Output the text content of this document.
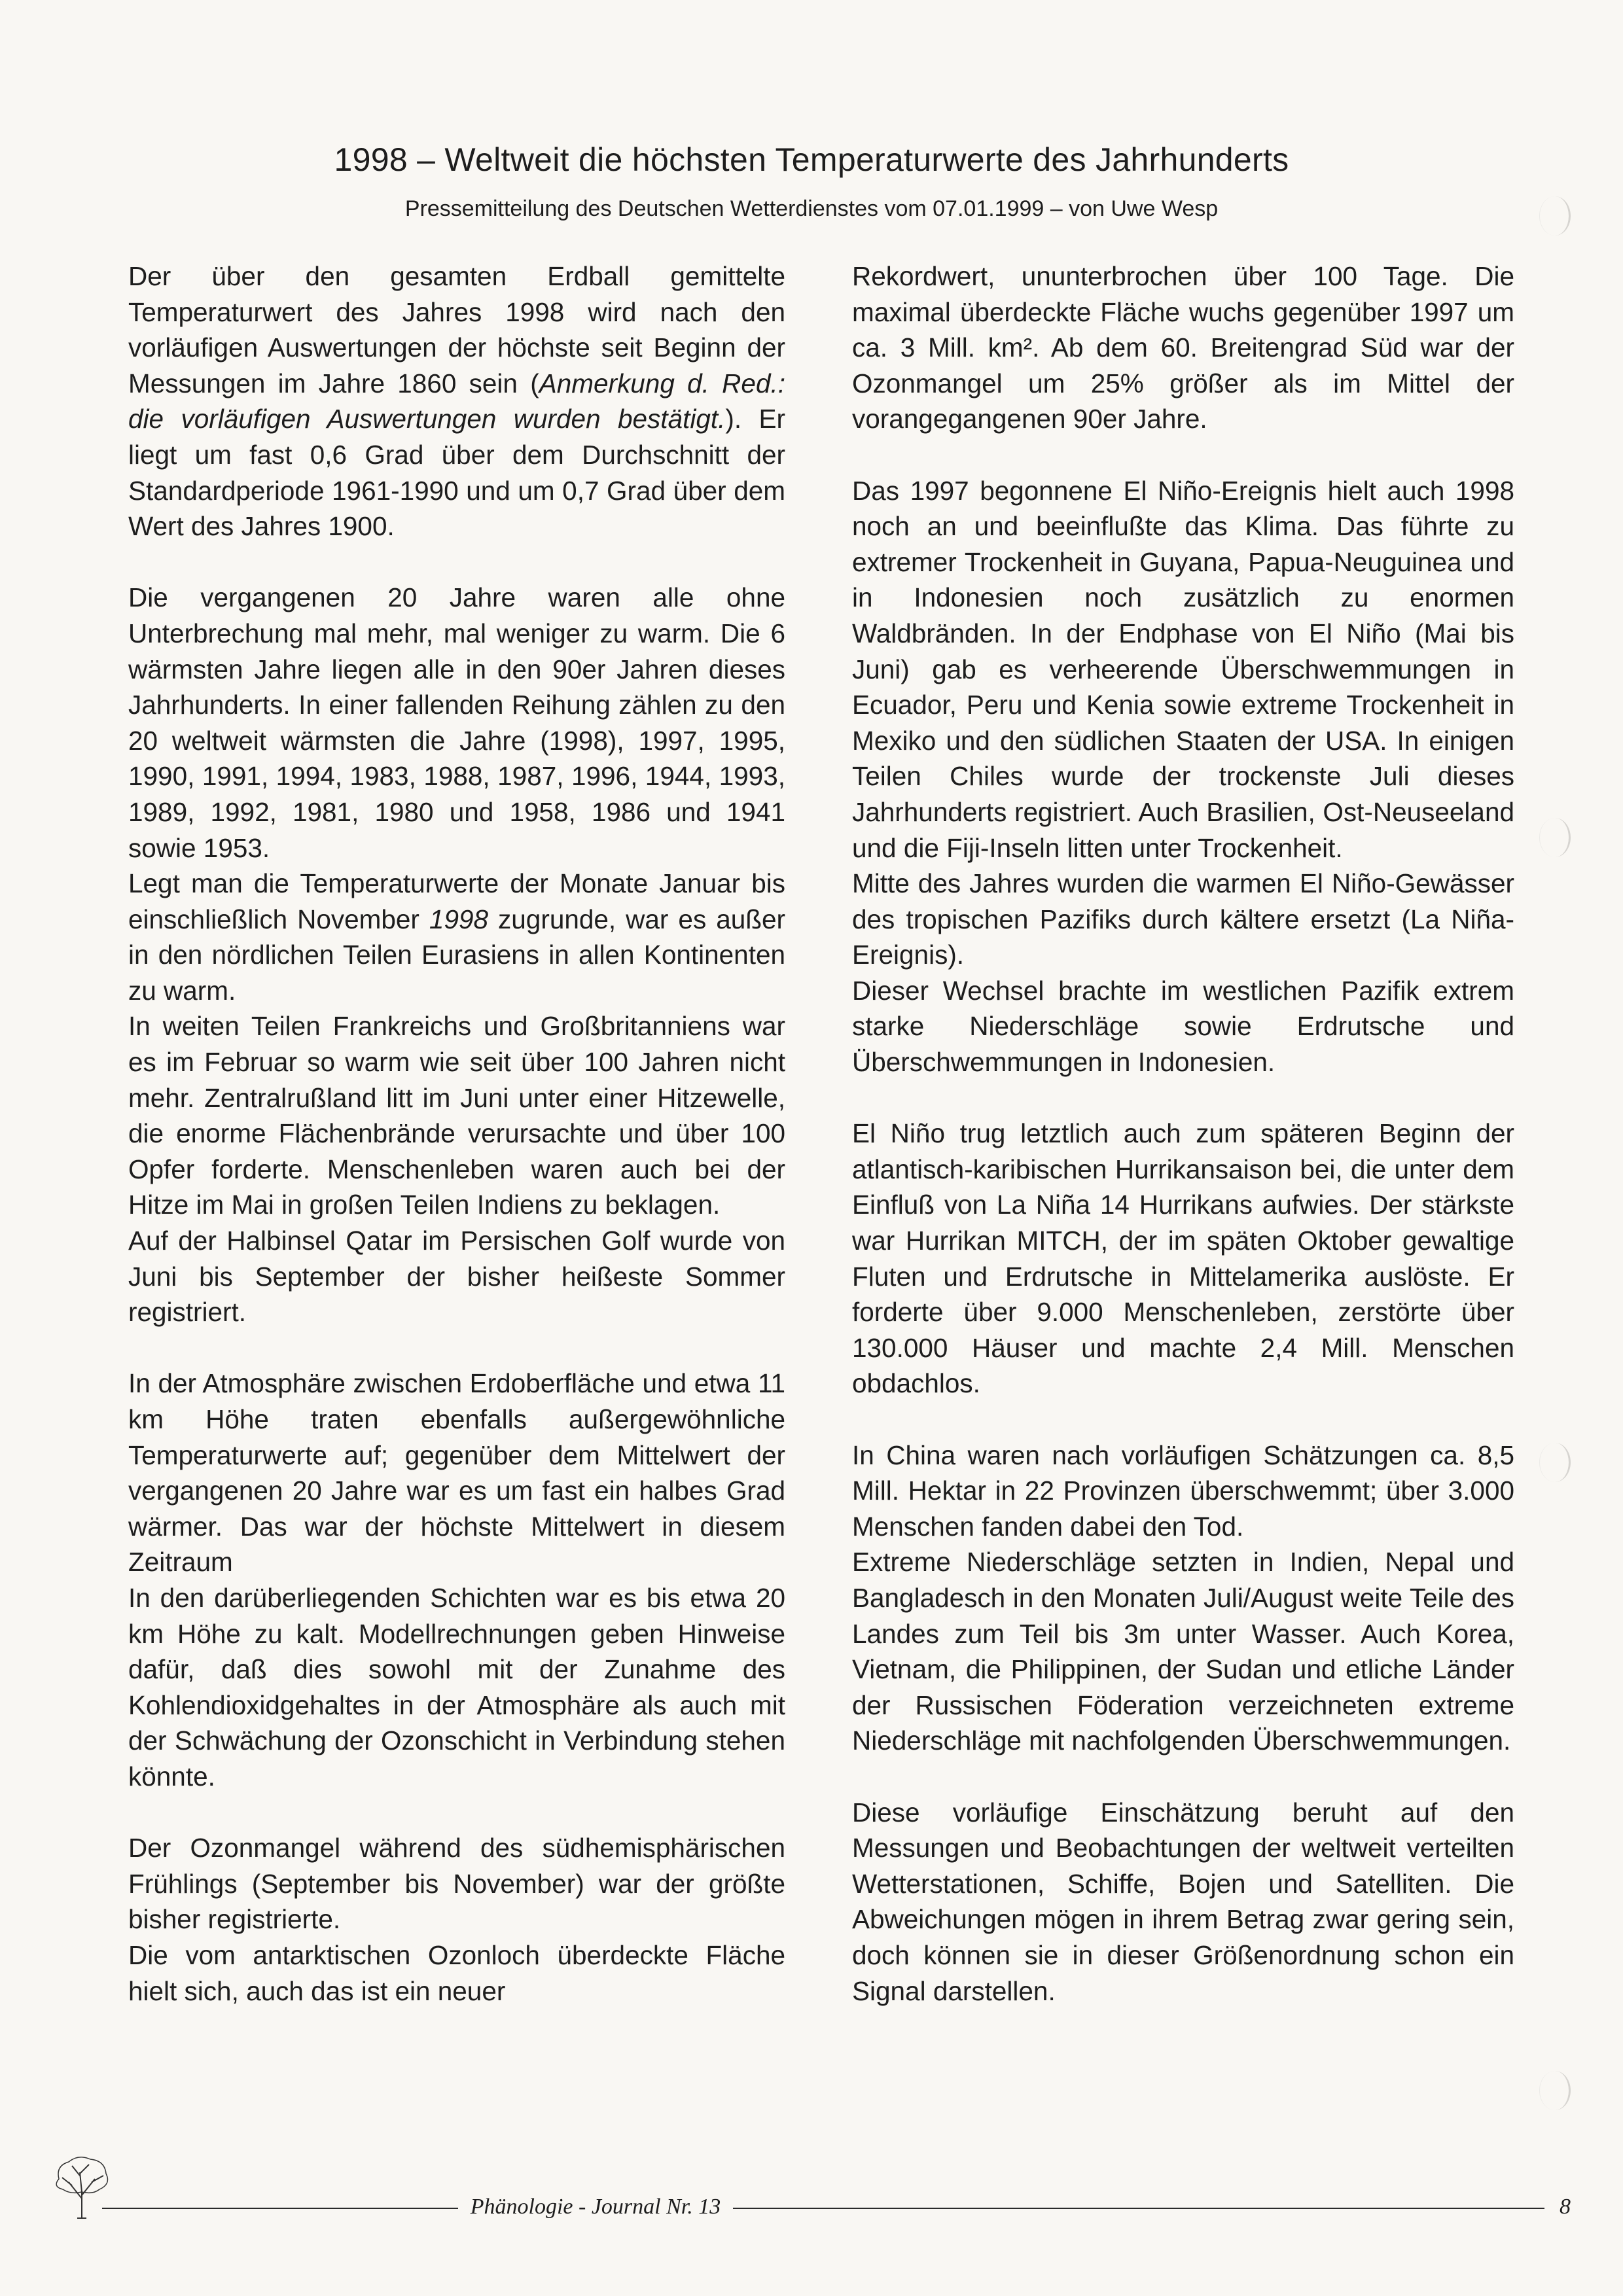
1998 – Weltweit die höchsten Temperaturwerte des Jahrhunderts
Pressemitteilung des Deutschen Wetterdienstes vom 07.01.1999 – von Uwe Wesp

Der über den gesamten Erdball gemittelte Temperaturwert des Jahres 1998 wird nach den vorläufigen Auswertungen der höchste seit Beginn der Messungen im Jahre 1860 sein (Anmerkung d. Red.: die vorläufigen Auswertungen wurden bestätigt.). Er liegt um fast 0,6 Grad über dem Durchschnitt der Standardperiode 1961-1990 und um 0,7 Grad über dem Wert des Jahres 1900.

Die vergangenen 20 Jahre waren alle ohne Unterbrechung mal mehr, mal weniger zu warm. Die 6 wärmsten Jahre liegen alle in den 90er Jahren dieses Jahrhunderts. In einer fallenden Reihung zählen zu den 20 weltweit wärmsten die Jahre (1998), 1997, 1995, 1990, 1991, 1994, 1983, 1988, 1987, 1996, 1944, 1993, 1989, 1992, 1981, 1980 und 1958, 1986 und 1941 sowie 1953.

Legt man die Temperaturwerte der Monate Januar bis einschließlich November 1998 zugrunde, war es außer in den nördlichen Teilen Eurasiens in allen Kontinenten zu warm.

In weiten Teilen Frankreichs und Großbritanniens war es im Februar so warm wie seit über 100 Jahren nicht mehr. Zentralrußland litt im Juni unter einer Hitzewelle, die enorme Flächenbrände verursachte und über 100 Opfer forderte. Menschenleben waren auch bei der Hitze im Mai in großen Teilen Indiens zu beklagen.

Auf der Halbinsel Qatar im Persischen Golf wurde von Juni bis September der bisher heißeste Sommer registriert.

In der Atmosphäre zwischen Erdoberfläche und etwa 11 km Höhe traten ebenfalls außergewöhnliche Temperaturwerte auf; gegenüber dem Mittelwert der vergangenen 20 Jahre war es um fast ein halbes Grad wärmer. Das war der höchste Mittelwert in diesem Zeitraum

In den darüberliegenden Schichten war es bis etwa 20 km Höhe zu kalt. Modellrechnungen geben Hinweise dafür, daß dies sowohl mit der Zunahme des Kohlendioxidgehaltes in der Atmosphäre als auch mit der Schwächung der Ozonschicht in Verbindung stehen könnte.

Der Ozonmangel während des südhemisphärischen Frühlings (September bis November) war der größte bisher registrierte.

Die vom antarktischen Ozonloch überdeckte Fläche hielt sich, auch das ist ein neuer

Rekordwert, ununterbrochen über 100 Tage. Die maximal überdeckte Fläche wuchs gegenüber 1997 um ca. 3 Mill. km². Ab dem 60. Breitengrad Süd war der Ozonmangel um 25% größer als im Mittel der vorangegangenen 90er Jahre.

Das 1997 begonnene El Niño-Ereignis hielt auch 1998 noch an und beeinflußte das Klima. Das führte zu extremer Trockenheit in Guyana, Papua-Neuguinea und in Indonesien noch zusätzlich zu enormen Waldbränden. In der Endphase von El Niño (Mai bis Juni) gab es verheerende Überschwemmungen in Ecuador, Peru und Kenia sowie extreme Trockenheit in Mexiko und den südlichen Staaten der USA. In einigen Teilen Chiles wurde der trockenste Juli dieses Jahrhunderts registriert. Auch Brasilien, Ost-Neuseeland und die Fiji-Inseln litten unter Trockenheit.

Mitte des Jahres wurden die warmen El Niño-Gewässer des tropischen Pazifiks durch kältere ersetzt (La Niña-Ereignis).

Dieser Wechsel brachte im westlichen Pazifik extrem starke Niederschläge sowie Erdrutsche und Überschwemmungen in Indonesien.

El Niño trug letztlich auch zum späteren Beginn der atlantisch-karibischen Hurrikansaison bei, die unter dem Einfluß von La Niña 14 Hurrikans aufwies. Der stärkste war Hurrikan MITCH, der im späten Oktober gewaltige Fluten und Erdrutsche in Mittelamerika auslöste. Er forderte über 9.000 Menschenleben, zerstörte über 130.000 Häuser und machte 2,4 Mill. Menschen obdachlos.

In China waren nach vorläufigen Schätzungen ca. 8,5 Mill. Hektar in 22 Provinzen überschwemmt; über 3.000 Menschen fanden dabei den Tod.

Extreme Niederschläge setzten in Indien, Nepal und Bangladesch in den Monaten Juli/August weite Teile des Landes zum Teil bis 3m unter Wasser. Auch Korea, Vietnam, die Philippinen, der Sudan und etliche Länder der Russischen Föderation verzeichneten extreme Niederschläge mit nachfolgenden Überschwemmungen.

Diese vorläufige Einschätzung beruht auf den Messungen und Beobachtungen der weltweit verteilten Wetterstationen, Schiffe, Bojen und Satelliten. Die Abweichungen mögen in ihrem Betrag zwar gering sein, doch können sie in dieser Größenordnung schon ein Signal darstellen.

Phänologie - Journal Nr. 13	8
